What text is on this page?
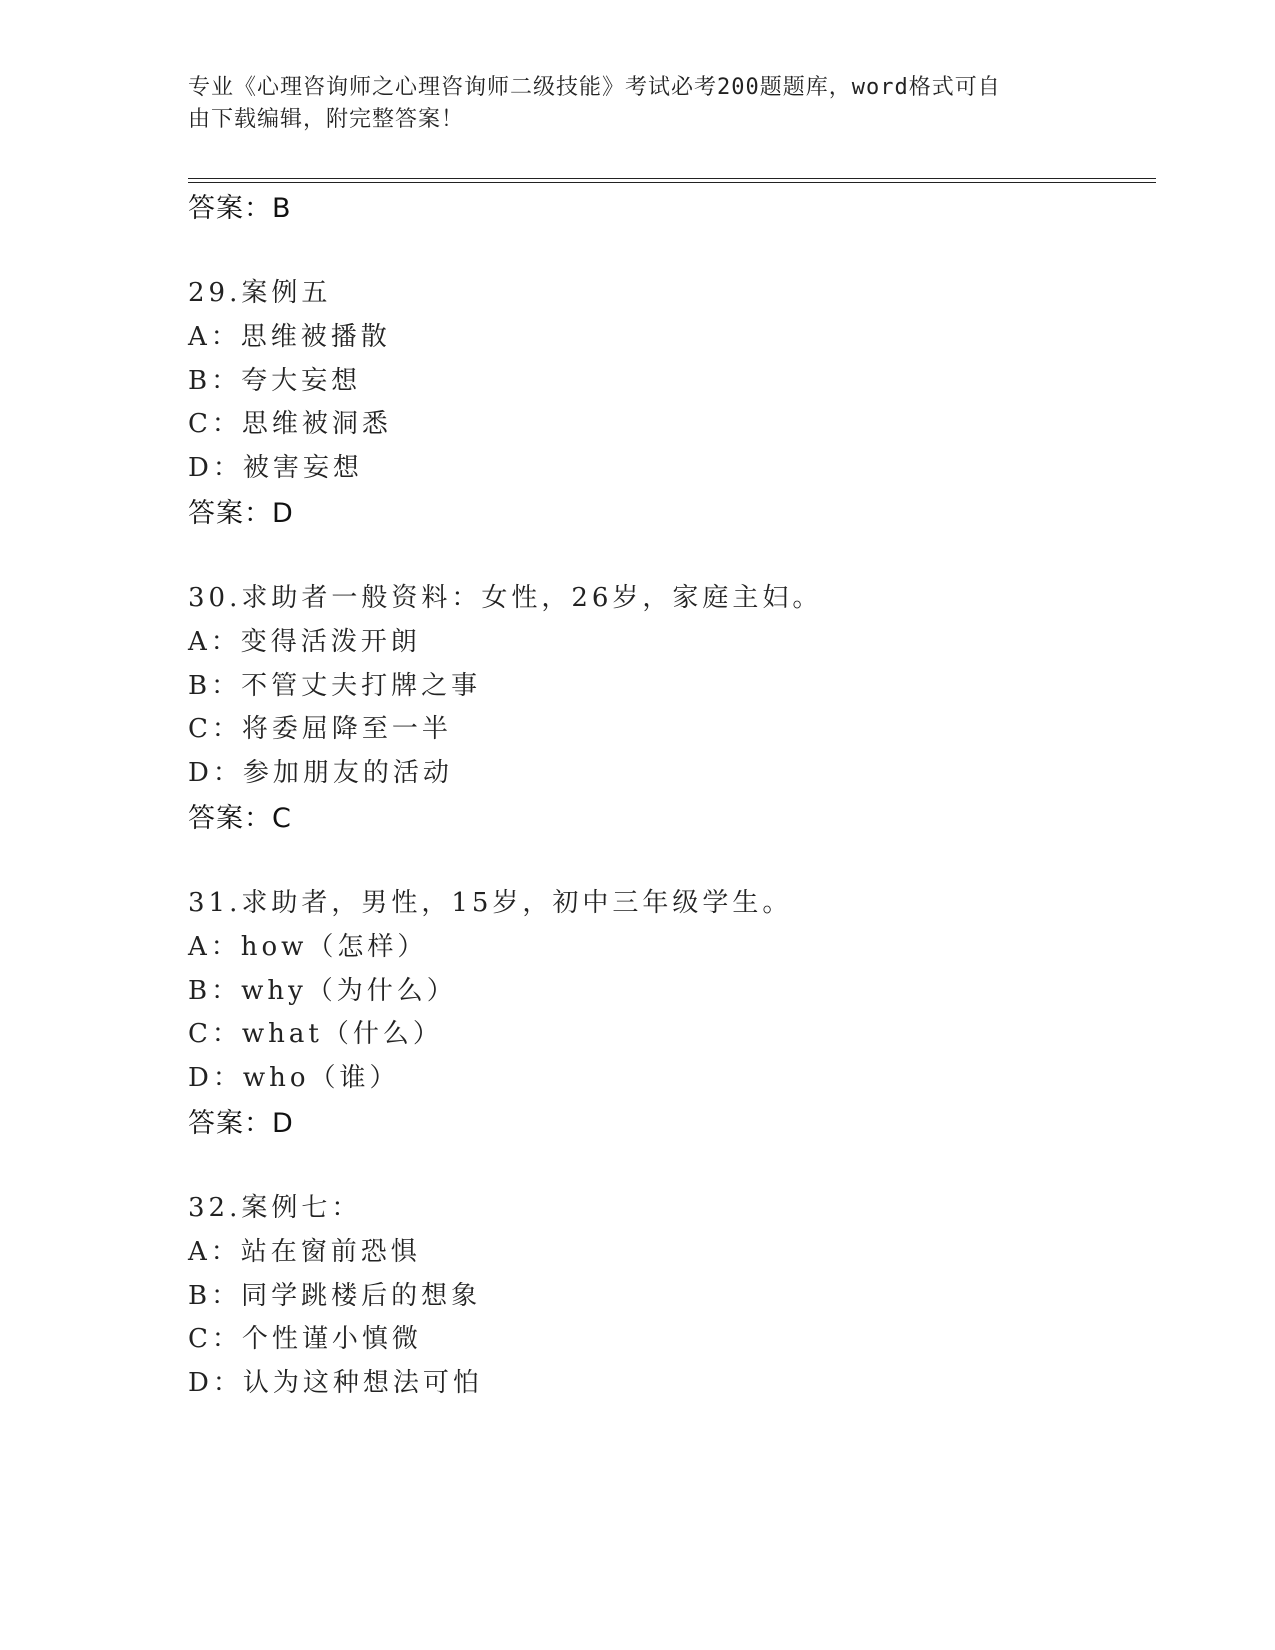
专业《心理咨询师之心理咨询师二级技能》考试必考200题题库，word格式可自
由下载编辑，附完整答案！
答案：B
29.案例五
A：思维被播散
B：夸大妄想
C：思维被洞悉
D：被害妄想
答案：D
30.求助者一般资料：女性，26岁，家庭主妇。
A：变得活泼开朗
B：不管丈夫打牌之事
C：将委屈降至一半
D：参加朋友的活动
答案：C
31.求助者，男性，15岁，初中三年级学生。
A：how（怎样）
B：why（为什么）
C：what（什么）
D：who（谁）
答案：D
32.案例七：
A：站在窗前恐惧
B：同学跳楼后的想象
C：个性谨小慎微
D：认为这种想法可怕
